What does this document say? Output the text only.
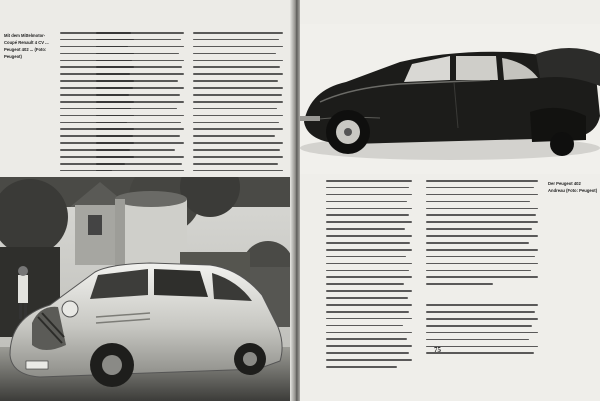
Mit dem Mittelmotor-Coupé Renault 4 CV ... Peugeot 402 ... (Foto: Peugeot)
Der Peugeot 402 Andreau (Foto: Peugeot)
75
